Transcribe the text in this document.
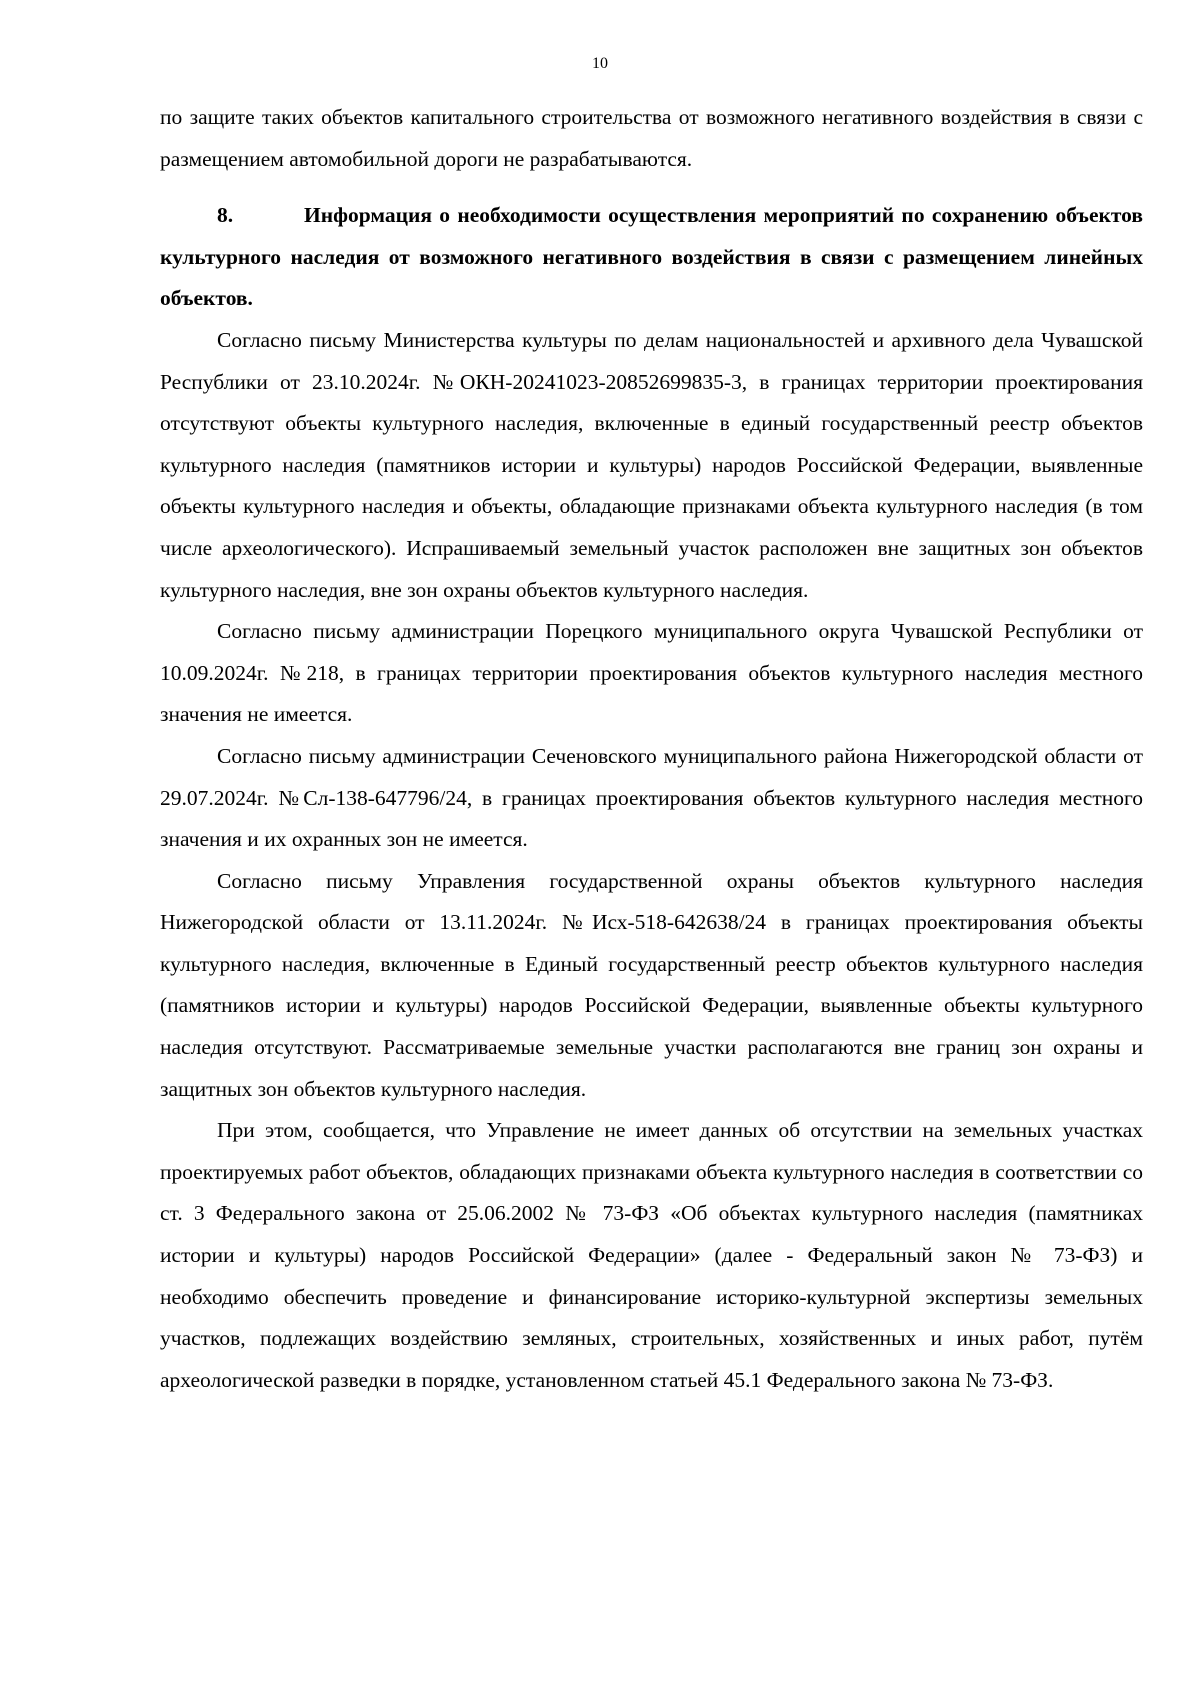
10

по защите таких объектов капитального строительства от возможного негативного воздействия в связи с размещением автомобильной дороги не разрабатываются.

8.	Информация о необходимости осуществления мероприятий по сохранению объектов культурного наследия от возможного негативного воздействия в связи с размещением линейных объектов.

Согласно письму Министерства культуры по делам национальностей и архивного дела Чувашской Республики от 23.10.2024г. №ОКН-20241023-20852699835-3, в границах территории проектирования отсутствуют объекты культурного наследия, включенные в единый государственный реестр объектов культурного наследия (памятников истории и культуры) народов Российской Федерации, выявленные объекты культурного наследия и объекты, обладающие признаками объекта культурного наследия (в том числе археологического). Испрашиваемый земельный участок расположен вне защитных зон объектов культурного наследия, вне зон охраны объектов культурного наследия.

Согласно письму администрации Порецкого муниципального округа Чувашской Республики от 10.09.2024г. №218, в границах территории проектирования объектов культурного наследия местного значения не имеется.

Согласно письму администрации Сеченовского муниципального района Нижегородской области от 29.07.2024г. №Сл-138-647796/24, в границах проектирования объектов культурного наследия местного значения и их охранных зон не имеется.

Согласно письму Управления государственной охраны объектов культурного наследия Нижегородской области от 13.11.2024г. №Исх-518-642638/24 в границах проектирования объекты культурного наследия, включенные в Единый государственный реестр объектов культурного наследия (памятников истории и культуры) народов Российской Федерации, выявленные объекты культурного наследия отсутствуют. Рассматриваемые земельные участки располагаются вне границ зон охраны и защитных зон объектов культурного наследия.

При этом, сообщается, что Управление не имеет данных об отсутствии на земельных участках проектируемых работ объектов, обладающих признаками объекта культурного наследия в соответствии со ст. 3 Федерального закона от 25.06.2002 № 73-ФЗ «Об объектах культурного наследия (памятниках истории и культуры) народов Российской Федерации» (далее - Федеральный закон № 73-ФЗ) и необходимо обеспечить проведение и финансирование историко-культурной экспертизы земельных участков, подлежащих воздействию земляных, строительных, хозяйственных и иных работ, путём археологической разведки в порядке, установленном статьей 45.1 Федерального закона № 73-ФЗ.
